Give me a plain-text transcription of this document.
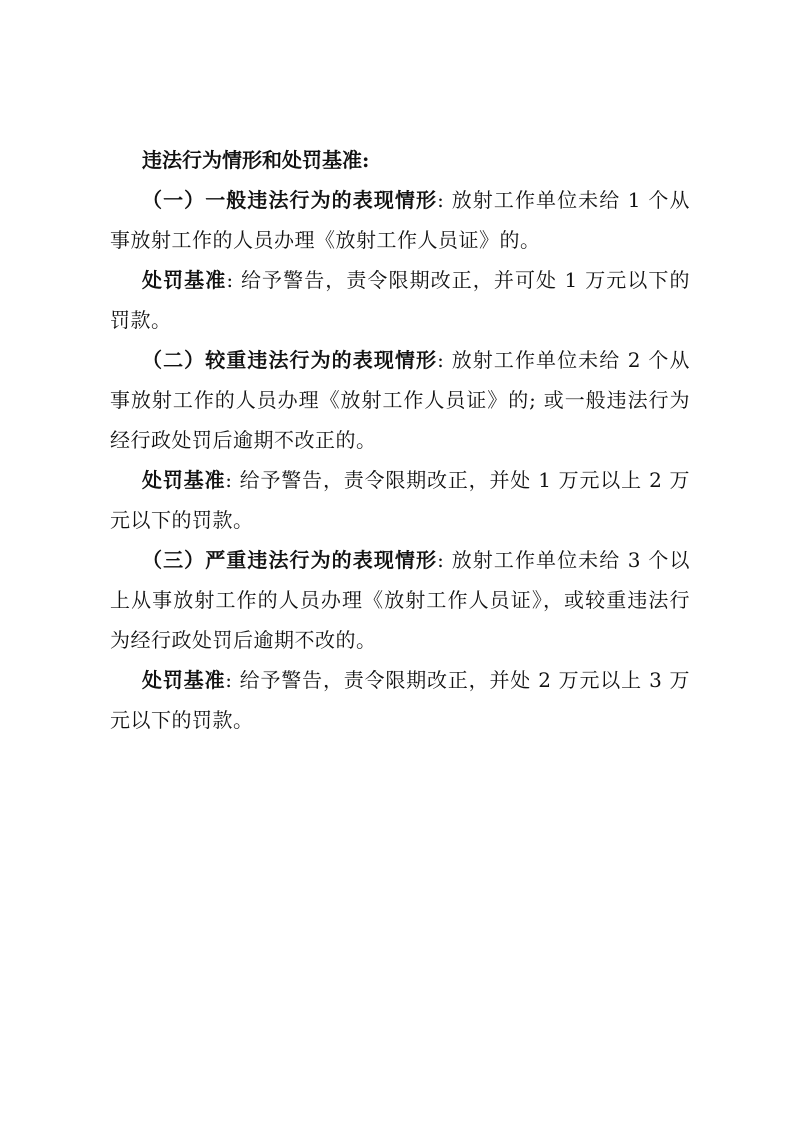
违法行为情形和处罚基准:

（一）一般违法行为的表现情形: 放射工作单位未给 1 个从事放射工作的人员办理《放射工作人员证》的。

处罚基准: 给予警告，责令限期改正，并可处 1 万元以下的罚款。

（二）较重违法行为的表现情形: 放射工作单位未给 2 个从事放射工作的人员办理《放射工作人员证》的; 或一般违法行为经行政处罚后逾期不改正的。

处罚基准: 给予警告，责令限期改正，并处 1 万元以上 2 万元以下的罚款。

（三）严重违法行为的表现情形: 放射工作单位未给 3 个以上从事放射工作的人员办理《放射工作人员证》，或较重违法行为经行政处罚后逾期不改的。

处罚基准: 给予警告，责令限期改正，并处 2 万元以上 3 万元以下的罚款。
